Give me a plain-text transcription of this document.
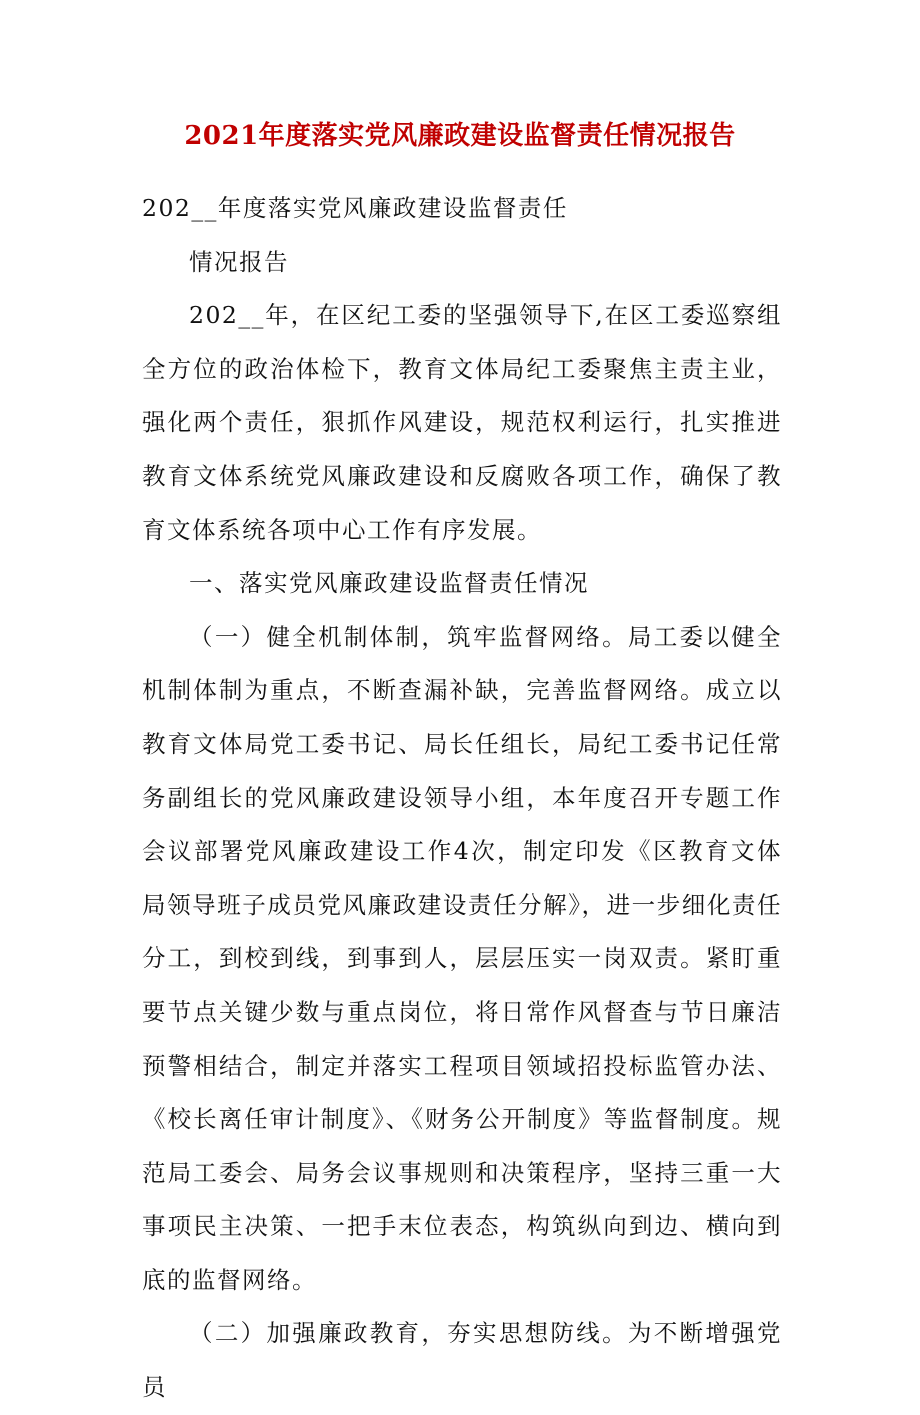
2021年度落实党风廉政建设监督责任情况报告

202__年度落实党风廉政建设监督责任

情况报告

202__年，在区纪工委的坚强领导下,在区工委巡察组全方位的政治体检下，教育文体局纪工委聚焦主责主业，强化两个责任，狠抓作风建设，规范权利运行，扎实推进教育文体系统党风廉政建设和反腐败各项工作，确保了教育文体系统各项中心工作有序发展。

一、落实党风廉政建设监督责任情况

（一）健全机制体制，筑牢监督网络。局工委以健全机制体制为重点，不断查漏补缺，完善监督网络。成立以教育文体局党工委书记、局长任组长，局纪工委书记任常务副组长的党风廉政建设领导小组，本年度召开专题工作会议部署党风廉政建设工作4次，制定印发《区教育文体局领导班子成员党风廉政建设责任分解》，进一步细化责任分工，到校到线，到事到人，层层压实一岗双责。紧盯重要节点关键少数与重点岗位，将日常作风督查与节日廉洁预警相结合，制定并落实工程项目领域招投标监管办法、《校长离任审计制度》、《财务公开制度》等监督制度。规范局工委会、局务会议事规则和决策程序，坚持三重一大事项民主决策、一把手末位表态，构筑纵向到边、横向到底的监督网络。

（二）加强廉政教育，夯实思想防线。为不断增强党员
